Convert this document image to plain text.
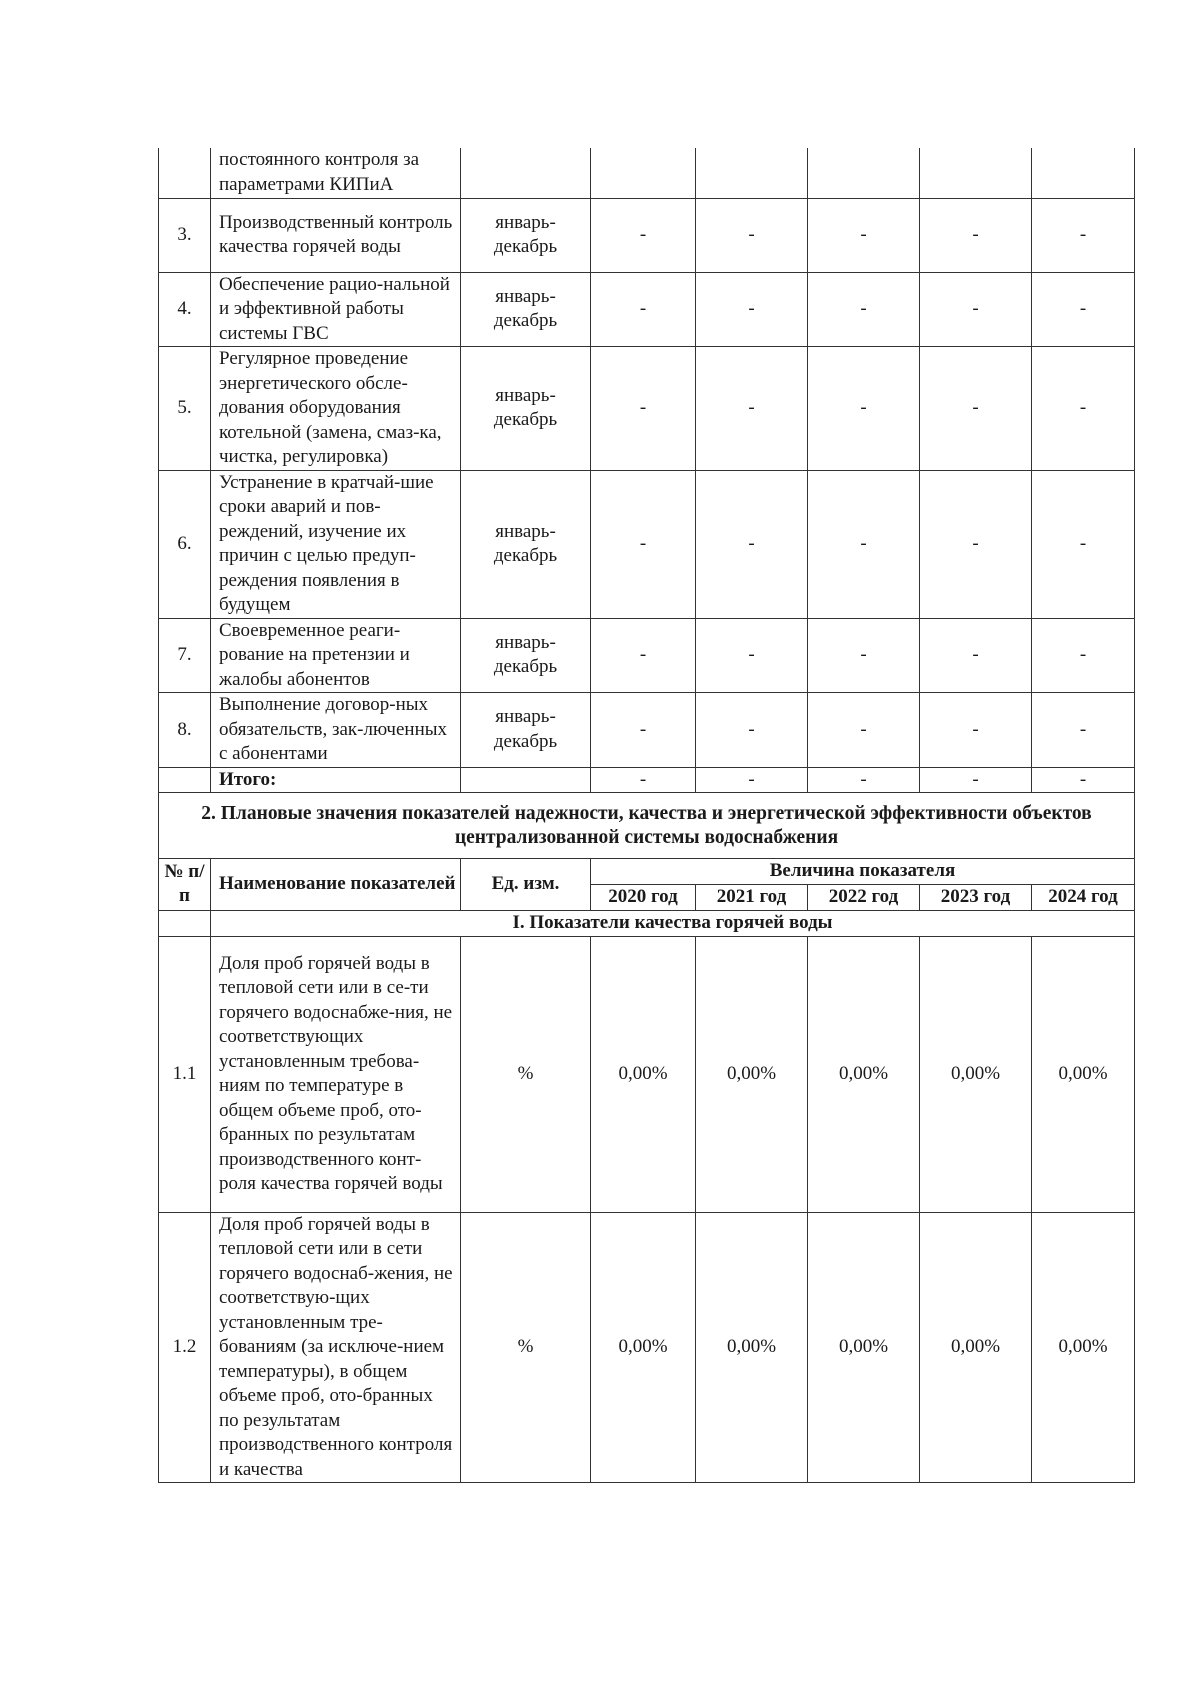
	постоянного контроля за параметрами КИПиА						
3.	Производственный контроль качества горячей воды	январь-декабрь	-	-	-	-	-
4.	Обеспечение рацио-нальной и эффективной работы системы ГВС	январь-декабрь	-	-	-	-	-
5.	Регулярное проведение энергетического обсле-дования оборудования котельной (замена, смаз-ка, чистка, регулировка)	январь-декабрь	-	-	-	-	-
6.	Устранение в кратчай-шие сроки аварий и пов-реждений, изучение их причин с целью предуп-реждения появления в будущем	январь-декабрь	-	-	-	-	-
7.	Своевременное реаги-рование на претензии и жалобы абонентов	январь-декабрь	-	-	-	-	-
8.	Выполнение договор-ных обязательств, зак-люченных с абонентами	январь-декабрь	-	-	-	-	-
	Итого:		-	-	-	-	-
2. Плановые значения показателей надежности, качества и энергетической эффективности объектов централизованной системы водоснабжения							
№ п/п	Наименование показателей	Ед. изм.	Величина показателя				
			2020 год	2021 год	2022 год	2023 год	2024 год
	I. Показатели качества горячей воды						
1.1	Доля проб горячей воды в тепловой сети или в се-ти горячего водоснабже-ния, не соответствующих установленным требова-ниям по температуре в общем объеме проб, ото-бранных по результатам производственного конт-роля качества горячей воды	%	0,00%	0,00%	0,00%	0,00%	0,00%
1.2	Доля проб горячей воды в тепловой сети или в сети горячего водоснаб-жения, не соответствую-щих установленным тре-бованиям (за исключе-нием температуры), в общем объеме проб, ото-бранных по результатам производственного контроля и качества	%	0,00%	0,00%	0,00%	0,00%	0,00%
